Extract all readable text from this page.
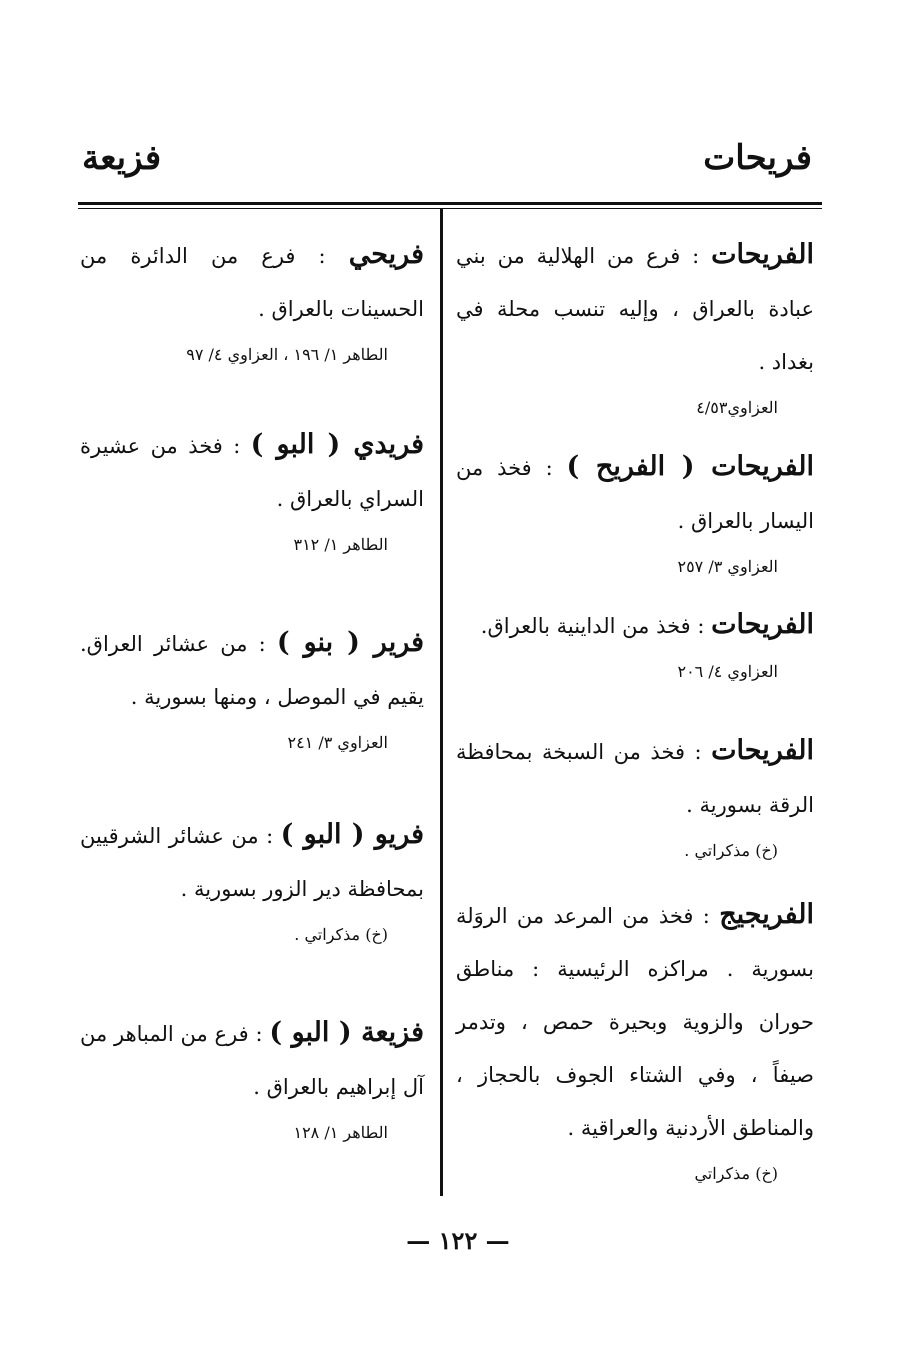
فريحات
فزيعة
الفريحات : فرع من الهلالية من بني عبادة بالعراق ، وإليه تنسب محلة في بغداد .
العزاوي٤/٥٣
الفريحات ( الفريح ) : فخذ من اليسار بالعراق .
العزاوي ٣/ ٢٥٧
الفريحات : فخذ من الداينية بالعراق.
العزاوي ٤/ ٢٠٦
الفريحات : فخذ من السبخة بمحافظة الرقة بسورية .
(خ) مذكراتي .
الفريجيج : فخذ من المرعد من الروَلة بسورية . مراكزه الرئيسية : مناطق حوران والزوية وبحيرة حمص ، وتدمر صيفاً ، وفي الشتاء الجوف بالحجاز ، والمناطق الأردنية والعراقية .
(خ) مذكراتي
فريحي : فرع من الدائرة من الحسينات بالعراق .
الطاهر ١/ ١٩٦ ، العزاوي ٤/ ٩٧
فريدي ( البو ) : فخذ من عشيرة السراي بالعراق .
الطاهر ١/ ٣١٢
فرير ( بنو ) : من عشائر العراق. يقيم في الموصل ، ومنها بسورية .
العزاوي ٣/ ٢٤١
فريو ( البو ) : من عشائر الشرقيين بمحافظة دير الزور بسورية .
(خ) مذكراتي .
فزيعة ( البو ) : فرع من المباهر من آل إبراهيم بالعراق .
الطاهر ١/ ١٢٨
— ١٢٢ —
